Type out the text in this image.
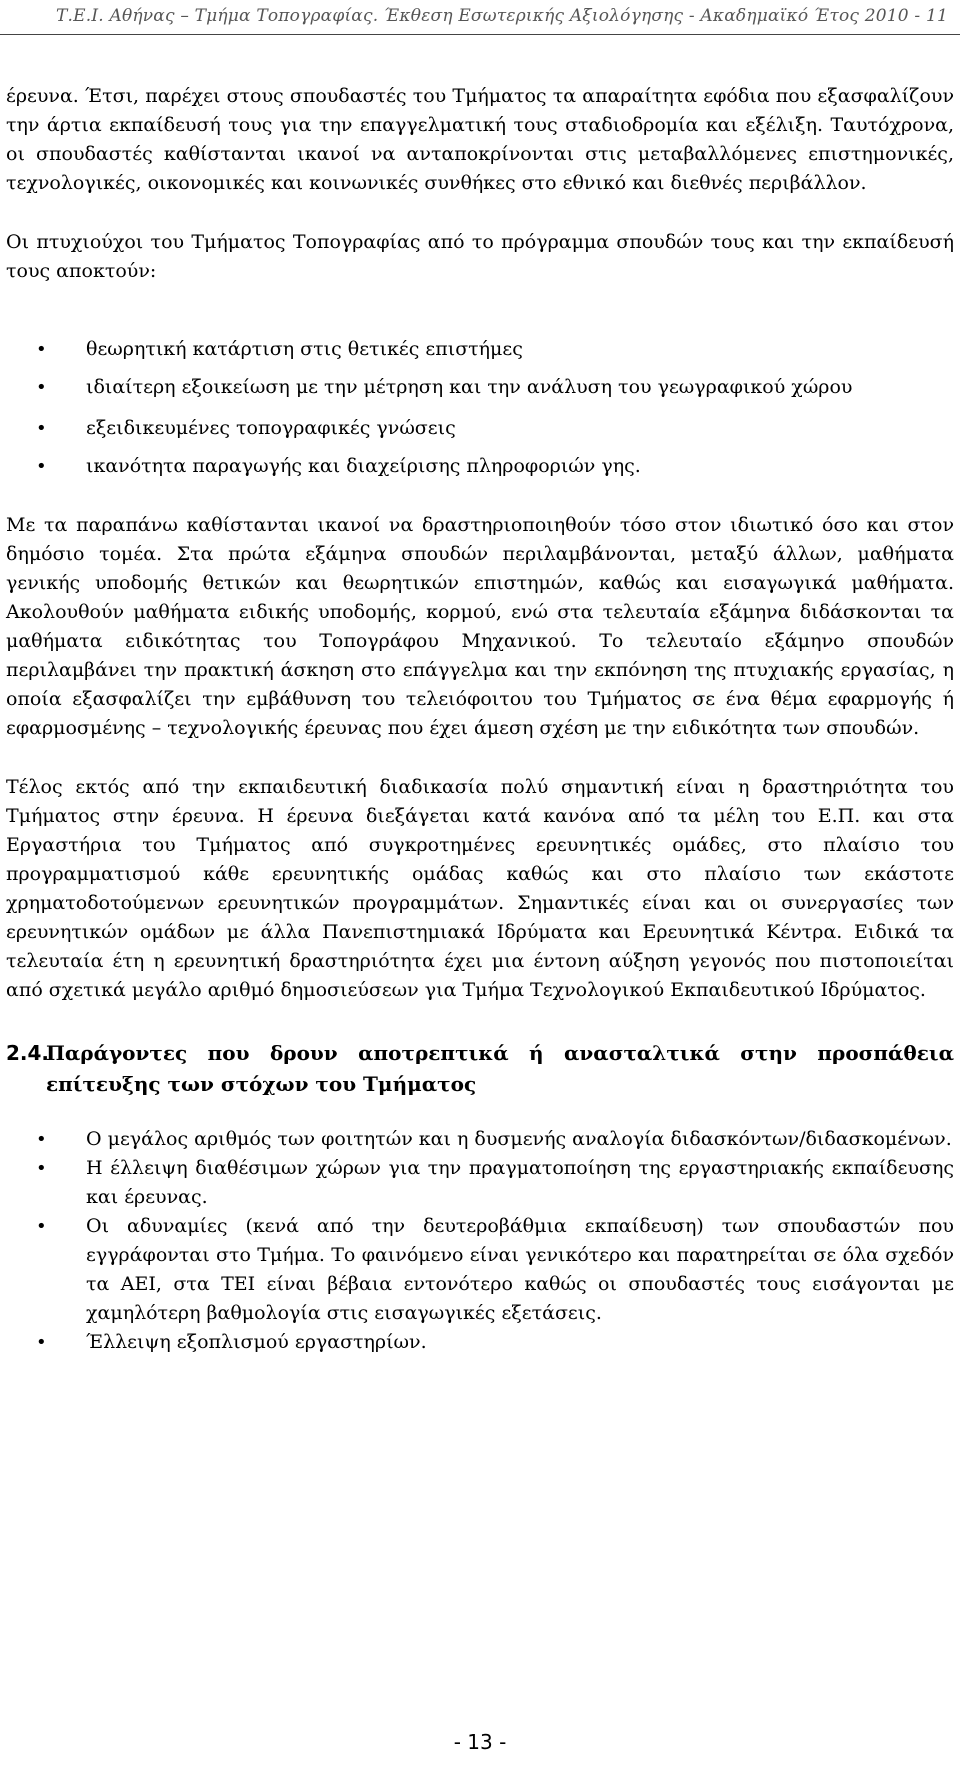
Τ.Ε.Ι. Αθήνας – Τμήμα Τοπογραφίας. Έκθεση Εσωτερικής Αξιολόγησης - Ακαδημαϊκό Έτος 2010 - 11

έρευνα. Έτσι, παρέχει στους σπουδαστές του Τμήματος τα απαραίτητα εφόδια που εξασφαλίζουν την άρτια εκπαίδευσή τους για την επαγγελματική τους σταδιοδρομία και εξέλιξη. Ταυτόχρονα, οι σπουδαστές καθίστανται ικανοί να ανταποκρίνονται στις μεταβαλλόμενες επιστημονικές, τεχνολογικές, οικονομικές και κοινωνικές συνθήκες στο εθνικό και διεθνές περιβάλλον.

Οι πτυχιούχοι του Τμήματος Τοπογραφίας από το πρόγραμμα σπουδών τους και την εκπαίδευσή τους αποκτούν:

• θεωρητική κατάρτιση στις θετικές επιστήμες
• ιδιαίτερη εξοικείωση με την μέτρηση και την ανάλυση του γεωγραφικού χώρου
• εξειδικευμένες τοπογραφικές γνώσεις
• ικανότητα παραγωγής και διαχείρισης πληροφοριών γης.

Με τα παραπάνω καθίστανται ικανοί να δραστηριοποιηθούν τόσο στον ιδιωτικό όσο και στον δημόσιο τομέα. Στα πρώτα εξάμηνα σπουδών περιλαμβάνονται, μεταξύ άλλων, μαθήματα γενικής υποδομής θετικών και θεωρητικών επιστημών, καθώς και εισαγωγικά μαθήματα. Ακολουθούν μαθήματα ειδικής υποδομής, κορμού, ενώ στα τελευταία εξάμηνα διδάσκονται τα μαθήματα ειδικότητας του Τοπογράφου Μηχανικού. Το τελευταίο εξάμηνο σπουδών περιλαμβάνει την πρακτική άσκηση στο επάγγελμα και την εκπόνηση της πτυχιακής εργασίας, η οποία εξασφαλίζει την εμβάθυνση του τελειόφοιτου του Τμήματος σε ένα θέμα εφαρμογής ή εφαρμοσμένης – τεχνολογικής έρευνας που έχει άμεση σχέση με την ειδικότητα των σπουδών.

Τέλος εκτός από την εκπαιδευτική διαδικασία πολύ σημαντική είναι η δραστηριότητα του Τμήματος στην έρευνα. Η έρευνα διεξάγεται κατά κανόνα από τα μέλη του Ε.Π. και στα Εργαστήρια του Τμήματος από συγκροτημένες ερευνητικές ομάδες, στο πλαίσιο του προγραμματισμού κάθε ερευνητικής ομάδας καθώς και στο πλαίσιο των εκάστοτε χρηματοδοτούμενων ερευνητικών προγραμμάτων. Σημαντικές είναι και οι συνεργασίες των ερευνητικών ομάδων με άλλα Πανεπιστημιακά Ιδρύματα και Ερευνητικά Κέντρα. Ειδικά τα τελευταία έτη η ερευνητική δραστηριότητα έχει μια έντονη αύξηση γεγονός που πιστοποιείται από σχετικά μεγάλο αριθμό δημοσιεύσεων για Τμήμα Τεχνολογικού Εκπαιδευτικού Ιδρύματος.

2.4.
Παράγοντες που δρουν αποτρεπτικά ή ανασταλτικά στην προσπάθεια επίτευξης των στόχων του Τμήματος
• Ο μεγάλος αριθμός των φοιτητών και η δυσμενής αναλογία διδασκόντων/διδασκομένων.
• Η έλλειψη διαθέσιμων χώρων για την πραγματοποίηση της εργαστηριακής εκπαίδευσης και έρευνας.
• Οι αδυναμίες (κενά από την δευτεροβάθμια εκπαίδευση) των σπουδαστών που εγγράφονται στο Τμήμα. Το φαινόμενο είναι γενικότερο και παρατηρείται σε όλα σχεδόν τα ΑΕΙ, στα ΤΕΙ είναι βέβαια εντονότερο καθώς οι σπουδαστές τους εισάγονται με χαμηλότερη βαθμολογία στις εισαγωγικές εξετάσεις.
• Έλλειψη εξοπλισμού εργαστηρίων.
- 13 -
